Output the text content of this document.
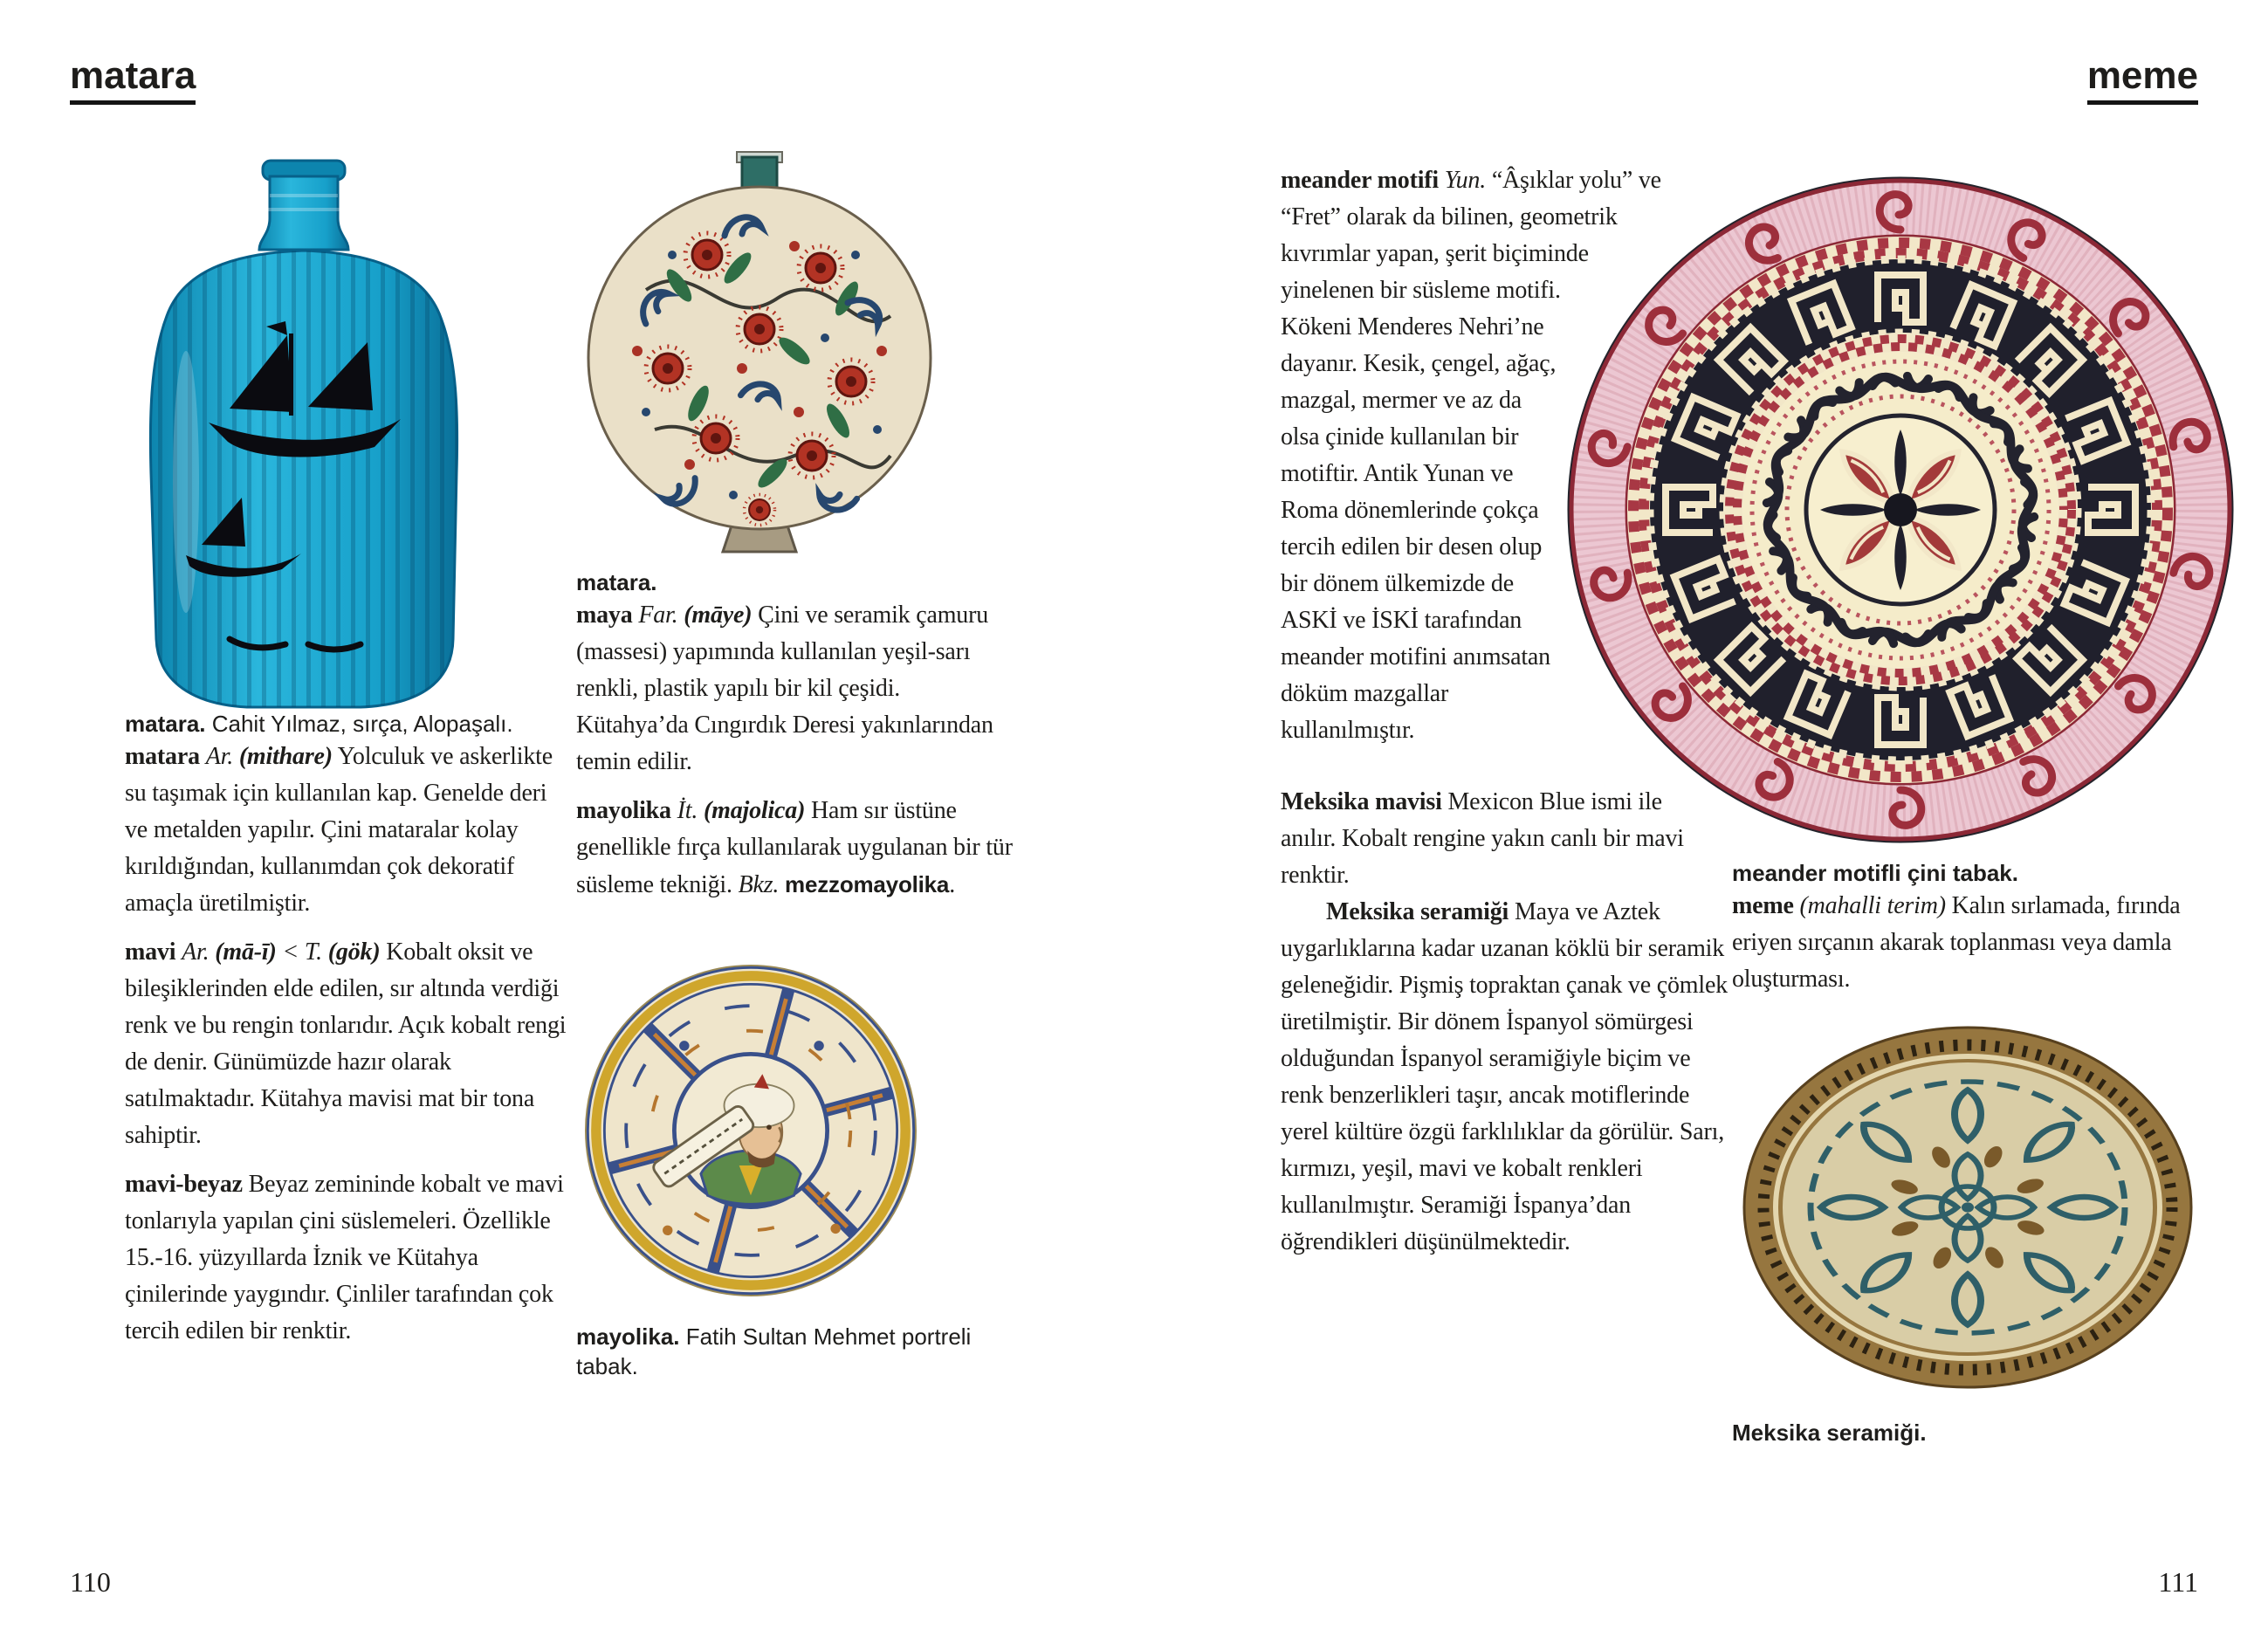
matara	meme
matara. Cahit Yılmaz, sırça, Alopaşalı.

matara Ar. (mithare) Yolculuk ve askerlikte su taşımak için kullanılan kap. Genelde deri ve metalden yapılır. Çini mataralar kolay kırıldığından, kullanımdan çok dekoratif amaçla üretilmiştir.

mavi Ar. (mā-ī) < T. (gök) Kobalt oksit ve bileşiklerinden elde edilen, sır altında verdiği renk ve bu rengin tonlarıdır. Açık kobalt rengi de denir. Günümüzde hazır olarak satılmaktadır. Kütahya mavisi mat bir tona sahiptir.

mavi-beyaz Beyaz zemininde kobalt ve mavi tonlarıyla yapılan çini süslemeleri. Özellikle 15.-16. yüzyıllarda İznik ve Kütahya çinilerinde yaygındır. Çinliler tarafından çok tercih edilen bir renktir.

matara.

maya Far. (māye) Çini ve seramik çamuru (massesi) yapımında kullanılan yeşil-sarı renkli, plastik yapılı bir kil çeşidi. Kütahya’da Cıngırdık Deresi yakınlarından temin edilir.

mayolika İt. (majolica) Ham sır üstüne genellikle fırça kullanılarak uygulanan bir tür süsleme tekniği. Bkz. mezzomayolika.

mayolika. Fatih Sultan Mehmet portreli tabak.

meander motifi Yun. “Âşıklar yolu” ve “Fret” olarak da bilinen, geometrik kıvrımlar yapan, şerit biçiminde yinelenen bir süsleme motifi. Kökeni Menderes Nehri’ne dayanır. Kesik, çengel, ağaç, mazgal, mermer ve az da olsa çinide kullanılan bir motiftir. Antik Yunan ve Roma dönemlerinde çokça tercih edilen bir desen olup bir dönem ülkemizde de ASKİ ve İSKİ tarafından meander motifini anımsatan döküm mazgallar kullanılmıştır.

Meksika mavisi Mexicon Blue ismi ile anılır. Kobalt rengine yakın canlı bir mavi renktir.

Meksika seramiği Maya ve Aztek uygarlıklarına kadar uzanan köklü bir seramik geleneğidir. Pişmiş topraktan çanak ve çömlek üretilmiştir. Bir dönem İspanyol sömürgesi olduğundan İspanyol seramiğiyle biçim ve renk benzerlikleri taşır, ancak motiflerinde yerel kültüre özgü farklılıklar da görülür. Sarı, kırmızı, yeşil, mavi ve kobalt renkleri kullanılmıştır. Seramiği İspanya’dan öğrendikleri düşünülmektedir.

meander motifli çini tabak.

meme (mahalli terim) Kalın sırlamada, fırında eriyen sırçanın akarak toplanması veya damla oluşturması.

Meksika seramiği.
110	111
